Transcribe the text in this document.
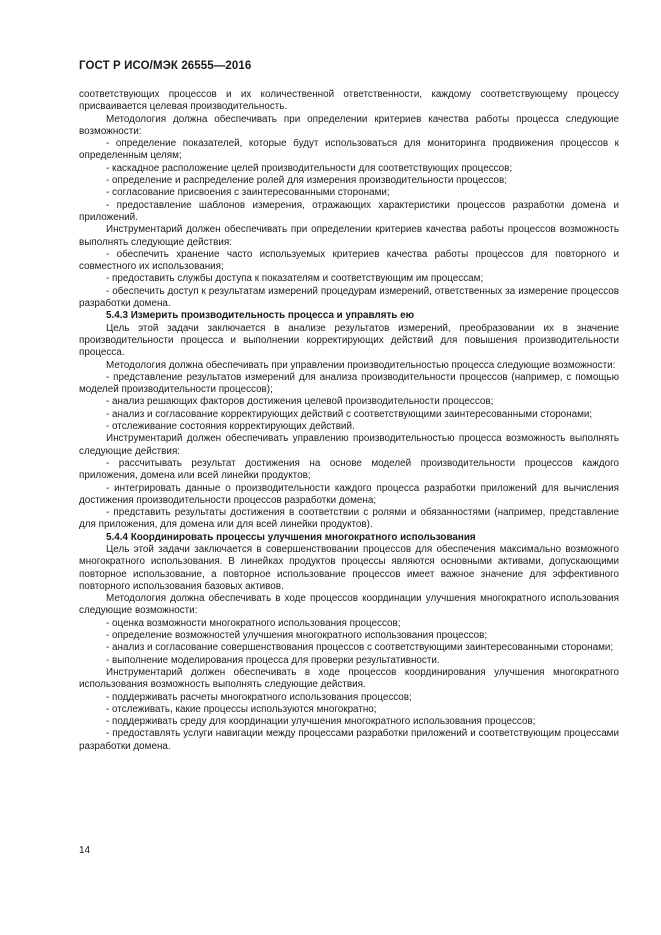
ГОСТ Р ИСО/МЭК 26555—2016

соответствующих процессов и их количественной ответственности, каждому соответствующему процессу присваивается целевая производительность.

Методология должна обеспечивать при определении критериев качества работы процесса следующие возможности:

- определение показателей, которые будут использоваться для мониторинга продвижения процессов к определенным целям;

- каскадное расположение целей производительности для соответствующих процессов;

- определение и распределение ролей для измерения производительности процессов;

- согласование присвоения с заинтересованными сторонами;

- предоставление шаблонов измерения, отражающих характеристики процессов разработки домена и приложений.

Инструментарий должен обеспечивать при определении критериев качества работы процессов возможность выполнять следующие действия:

- обеспечить хранение часто используемых критериев качества работы процессов для повторного и совместного их использования;

- предоставить службы доступа к показателям и соответствующим им процессам;

- обеспечить доступ к результатам измерений процедурам измерений, ответственных за измерение процессов разработки домена.

5.4.3 Измерить производительность процесса и управлять ею

Цель этой задачи заключается в анализе результатов измерений, преобразовании их в значение производительности процесса и выполнении корректирующих действий для повышения производительности процесса.

Методология должна обеспечивать при управлении производительностью процесса следующие возможности:

- представление результатов измерений для анализа производительности процессов (например, с помощью моделей производительности процессов);

- анализ решающих факторов достижения целевой производительности процессов;

- анализ и согласование корректирующих действий с соответствующими заинтересованными сторонами;

- отслеживание состояния корректирующих действий.

Инструментарий должен обеспечивать управлению производительностью процесса возможность выполнять следующие действия:

- рассчитывать результат достижения на основе моделей производительности процессов каждого приложения, домена или всей линейки продуктов;

- интегрировать данные о производительности каждого процесса разработки приложений для вычисления достижения производительности процессов разработки домена;

- представить результаты достижения в соответствии с ролями и обязанностями (например, представление для приложения, для домена или для всей линейки продуктов).

5.4.4 Координировать процессы улучшения многократного использования

Цель этой задачи заключается в совершенствовании процессов для обеспечения максимально возможного многократного использования. В линейках продуктов процессы являются основными активами, допускающими повторное использование, а повторное использование процессов имеет важное значение для эффективного повторного использования базовых активов.

Методология должна обеспечивать в ходе процессов координации улучшения многократного использования следующие возможности:

- оценка возможности многократного использования процессов;

- определение возможностей улучшения многократного использования процессов;

- анализ и согласование совершенствования процессов с соответствующими заинтересованными сторонами;

- выполнение моделирования процесса для проверки результативности.

Инструментарий должен обеспечивать в ходе процессов координирования улучшения многократного использования возможность выполнять следующие действия.

- поддерживать расчеты многократного использования процессов;

- отслеживать, какие процессы используются многократно;

- поддерживать среду для координации улучшения многократного использования процессов;

- предоставлять услуги навигации между процессами разработки приложений и соответствующим процессами разработки домена.

14
